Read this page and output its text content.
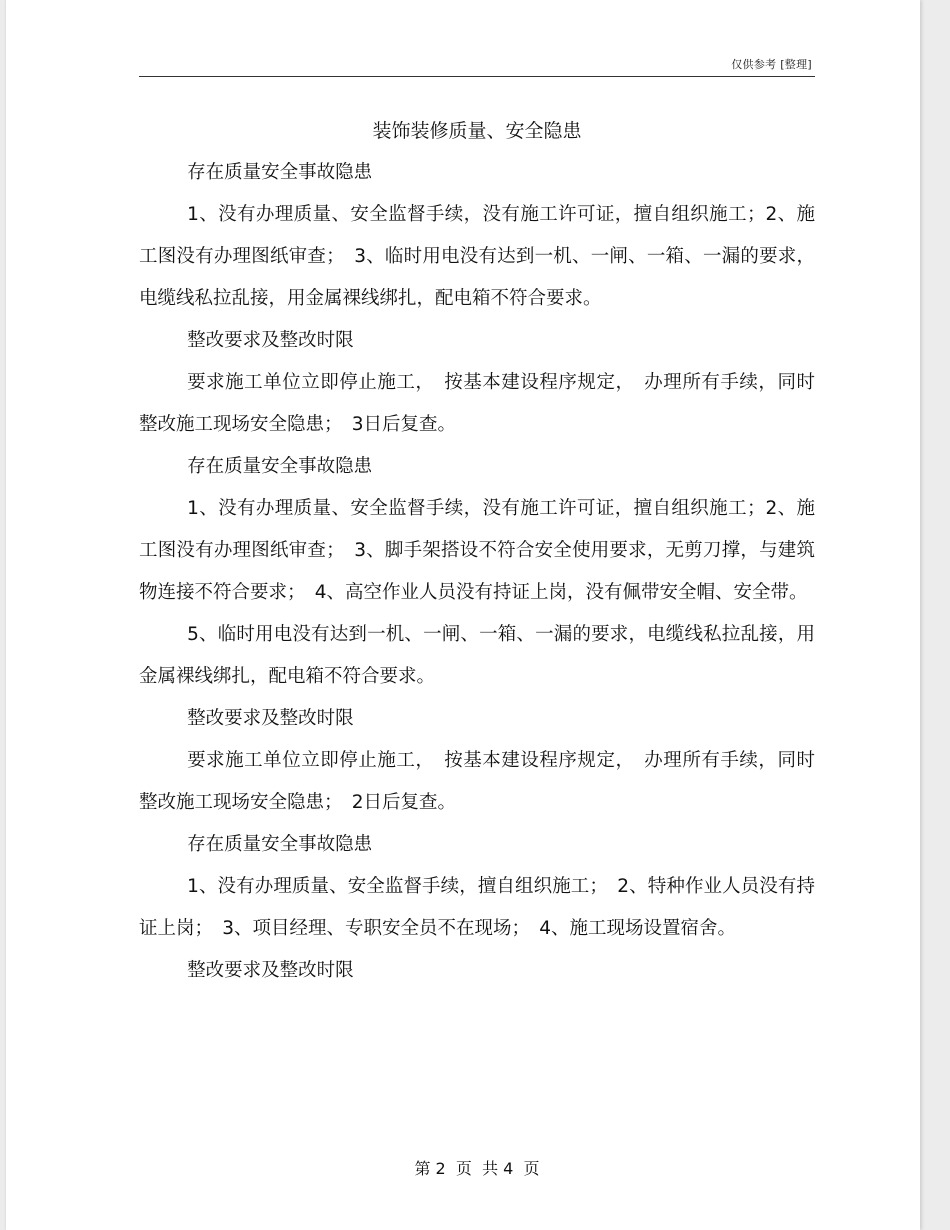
仅供参考 [整理]
装饰装修质量、安全隐患

存在质量安全事故隐患

1、没有办理质量、安全监督手续，没有施工许可证，擅自组织施工；2、施工图没有办理图纸审查；　3、临时用电没有达到一机、一闸、一箱、一漏的要求，电缆线私拉乱接，用金属裸线绑扎，配电箱不符合要求。

整改要求及整改时限

要求施工单位立即停止施工，　按基本建设程序规定，　办理所有手续，同时整改施工现场安全隐患；　3日后复查。

存在质量安全事故隐患

1、没有办理质量、安全监督手续，没有施工许可证，擅自组织施工；2、施工图没有办理图纸审查；　3、脚手架搭设不符合安全使用要求，无剪刀撑，与建筑物连接不符合要求；　4、高空作业人员没有持证上岗，没有佩带安全帽、安全带。

5、临时用电没有达到一机、一闸、一箱、一漏的要求，电缆线私拉乱接，用金属裸线绑扎，配电箱不符合要求。

整改要求及整改时限

要求施工单位立即停止施工，　按基本建设程序规定，　办理所有手续，同时整改施工现场安全隐患；　2日后复查。

存在质量安全事故隐患

1、没有办理质量、安全监督手续，擅自组织施工；　2、特种作业人员没有持证上岗；　3、项目经理、专职安全员不在现场；　4、施工现场设置宿舍。

整改要求及整改时限

第 2  页  共 4  页
